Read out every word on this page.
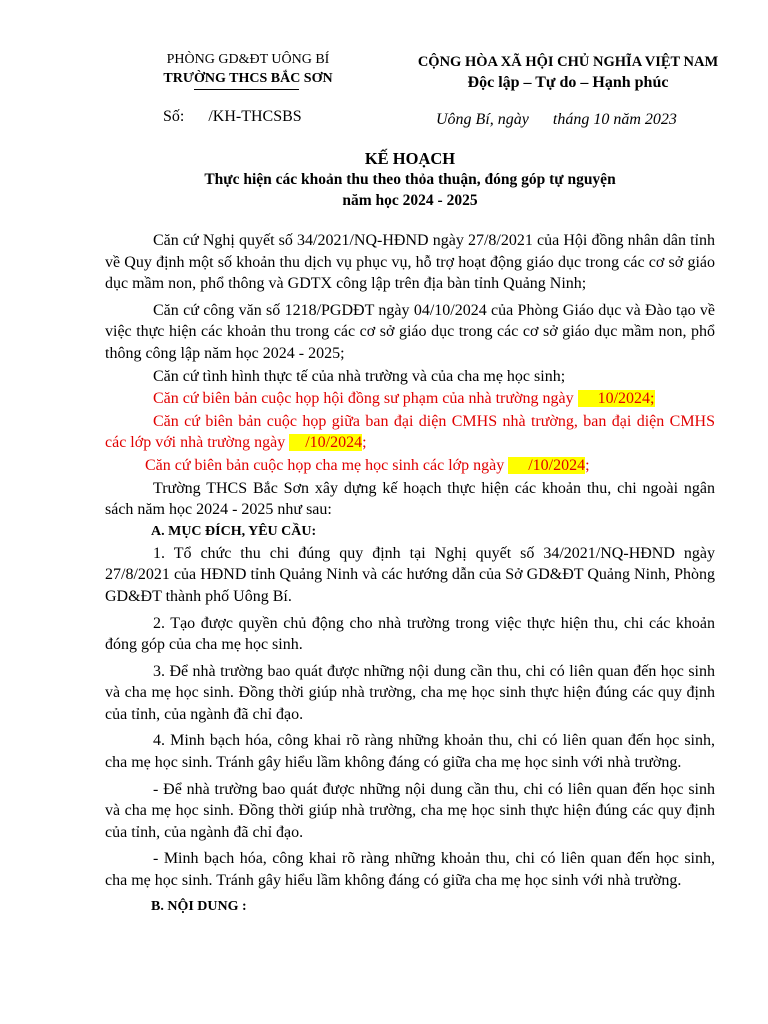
PHÒNG GD&ĐT UÔNG BÍ
TRƯỜNG THCS BẮC SƠN
CỘNG HÒA XÃ HỘI CHỦ NGHĨA VIỆT NAM
Độc lập – Tự do – Hạnh phúc
Số: /KH-THCSBS	Uông Bí, ngày      tháng 10 năm 2023
KẾ HOẠCH
Thực hiện các khoản thu theo thỏa thuận, đóng góp tự nguyện
năm học 2024 - 2025

Căn cứ Nghị quyết số 34/2021/NQ-HĐND ngày 27/8/2021 của Hội đồng nhân dân tỉnh về Quy định một số khoản thu dịch vụ phục vụ, hỗ trợ hoạt động giáo dục trong các cơ sở giáo dục mầm non, phổ thông và GDTX công lập trên địa bàn tỉnh Quảng Ninh;

Căn cứ công văn số 1218/PGDĐT ngày 04/10/2024 của Phòng Giáo dục và Đào tạo về việc thực hiện các khoản thu trong các cơ sở giáo dục trong các cơ sở giáo dục mầm non, phổ thông công lập năm học 2024 - 2025;

Căn cứ tình hình thực tế của nhà trường và của cha mẹ học sinh;

Căn cứ biên bản cuộc họp hội đồng sư phạm của nhà trường ngày      10/2024;

Căn cứ biên bản cuộc họp giữa ban đại diện CMHS nhà trường, ban đại diện CMHS các lớp với nhà trường ngày     /10/2024;

Căn cứ biên bản cuộc họp cha mẹ học sinh các lớp ngày      /10/2024;

Trường THCS Bắc Sơn xây dựng kế hoạch thực hiện các khoản thu, chi ngoài ngân sách năm học 2024 - 2025 như sau:

A. MỤC ĐÍCH, YÊU CẦU:

1. Tổ chức thu chi đúng quy định tại Nghị quyết số 34/2021/NQ-HĐND ngày 27/8/2021 của HĐND tỉnh Quảng Ninh và các hướng dẫn của Sở GD&ĐT Quảng Ninh, Phòng GD&ĐT thành phố Uông Bí.

2. Tạo được quyền chủ động cho nhà trường trong việc thực hiện thu, chi các khoản đóng góp của cha mẹ học sinh.

3. Để nhà trường bao quát được những nội dung cần thu, chi có liên quan đến học sinh và cha mẹ học sinh. Đồng thời giúp nhà trường, cha mẹ học sinh thực hiện đúng các quy định của tỉnh, của ngành đã chỉ đạo.

4. Minh bạch hóa, công khai rõ ràng những khoản thu, chi có liên quan đến học sinh, cha mẹ học sinh. Tránh gây hiểu lầm không đáng có giữa cha mẹ học sinh với nhà trường.

- Để nhà trường bao quát được những nội dung cần thu, chi có liên quan đến học sinh và cha mẹ học sinh. Đồng thời giúp nhà trường, cha mẹ học sinh thực hiện đúng các quy định của tỉnh, của ngành đã chỉ đạo.

- Minh bạch hóa, công khai rõ ràng những khoản thu, chi có liên quan đến học sinh, cha mẹ học sinh. Tránh gây hiểu lầm không đáng có giữa cha mẹ học sinh với nhà trường.

B. NỘI DUNG :
